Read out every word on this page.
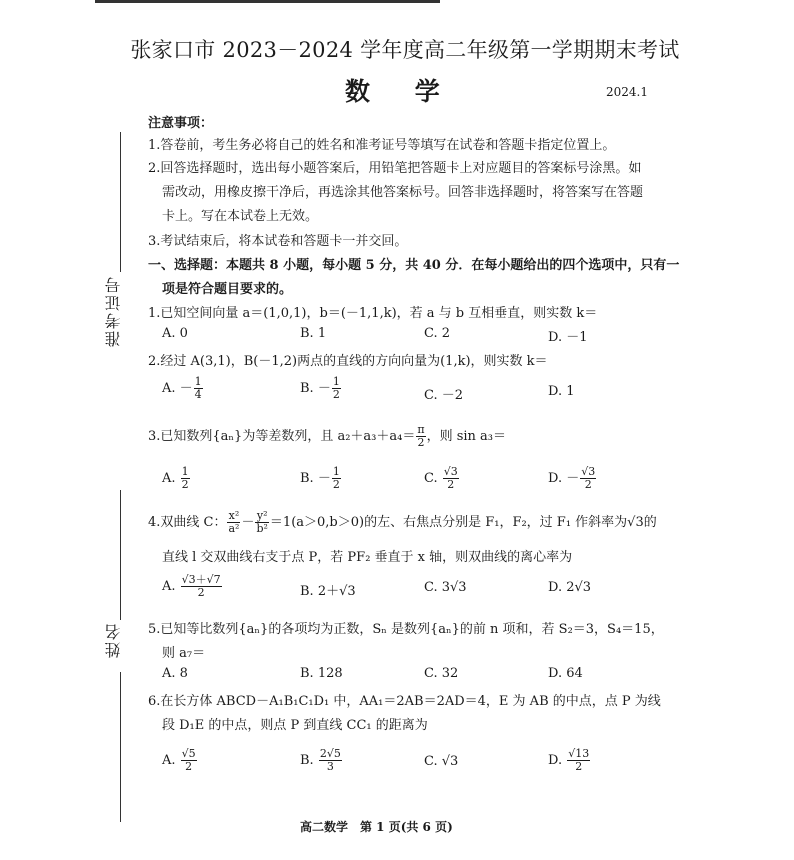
张家口市 2023－2024 学年度高二年级第一学期期末考试
数 学	2024.1
准考证号
姓名
注意事项：
1.答卷前，考生务必将自己的姓名和准考证号等填写在试卷和答题卡指定位置上。
2.回答选择题时，选出每小题答案后，用铅笔把答题卡上对应题目的答案标号涂黑。如
需改动，用橡皮擦干净后，再选涂其他答案标号。回答非选择题时，将答案写在答题
卡上。写在本试卷上无效。
3.考试结束后，将本试卷和答题卡一并交回。
一、选择题：本题共 8 小题，每小题 5 分，共 40 分．在每小题给出的四个选项中，只有一
项是符合题目要求的。
1.已知空间向量 a＝(1,0,1)，b＝(－1,1,k)，若 a 与 b 互相垂直，则实数 k＝
A. 0	B. 1	C. 2	D. －1
2.经过 A(3,1)，B(－1,2)两点的直线的方向向量为(1,k)，则实数 k＝
A. － $\frac{1}{4}$	B. － $\frac{1}{2}$	C. －2	D. 1
3.已知数列{aₙ}为等差数列，且 $a_2+a_3+a_4= \frac{\pi}{2}$ ，则 sin a₃＝
A. $\frac{1}{2}$	B. － $\frac{1}{2}$	C. $\frac{√3}{2}$	D. － $\frac{√3}{2}$
4.双曲线 C： $\frac{\text{x²}}{\text{a²}} - \frac{\text{y²}}{\text{b²}} =1(a>0,b>0)$的左、右焦点分别是 F₁，F₂，过 F₁ 作斜率为√3的
直线 l 交双曲线右支于点 P，若 PF₂ 垂直于 x 轴，则双曲线的离心率为
A. $\frac{√3+√7}{2}$	B. 2＋√3	C. 3√3	D. 2√3
5.已知等比数列{aₙ}的各项均为正数，Sₙ 是数列{aₙ}的前 n 项和，若 S₂＝3，S₄＝15，
则 a₇＝
A. 8	B. 128	C. 32	D. 64
6.在长方体 ABCD－A₁B₁C₁D₁ 中，AA₁＝2AB＝2AD＝4，E 为 AB 的中点，点 P 为线
段 D₁E 的中点，则点 P 到直线 CC₁ 的距离为
A. $\frac{√5}{2}$	B. $\frac{2√5}{3}$	C. √3	D. $\frac{√13}{2}$
高二数学　第 1 页(共 6 页)
